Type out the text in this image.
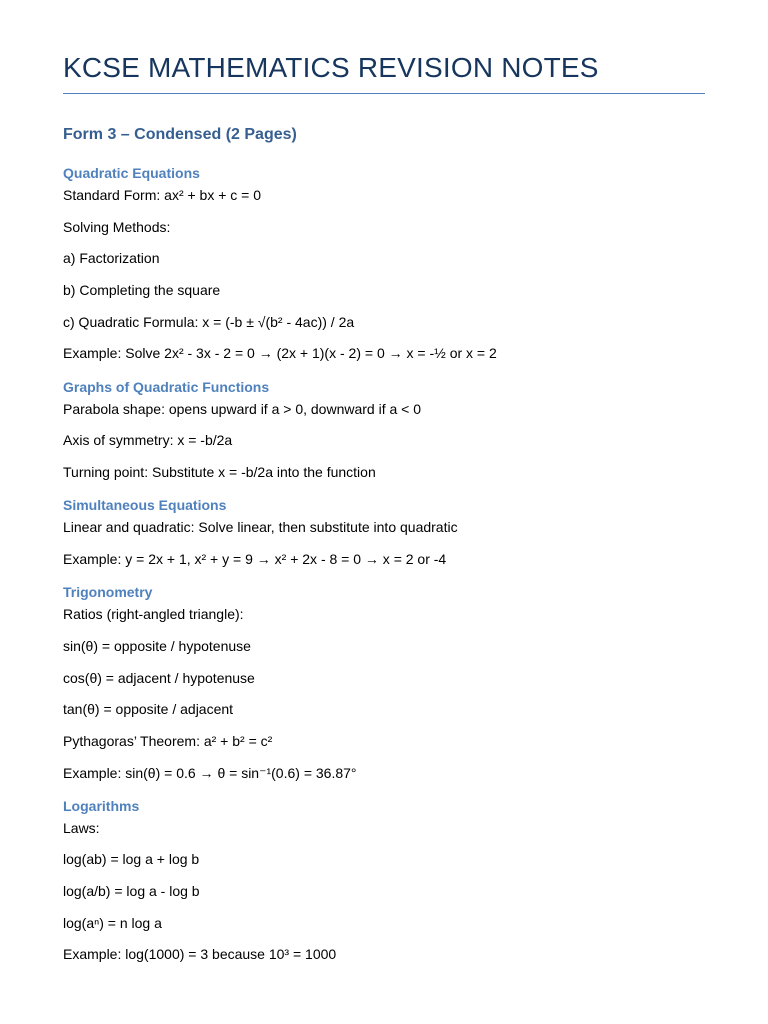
KCSE MATHEMATICS REVISION NOTES
Form 3 – Condensed (2 Pages)
Quadratic Equations
Standard Form: ax² + bx + c = 0
Solving Methods:
a) Factorization
b) Completing the square
c) Quadratic Formula: x = (-b ± √(b² - 4ac)) / 2a
Example: Solve 2x² - 3x - 2 = 0 → (2x + 1)(x - 2) = 0 → x = -½ or x = 2
Graphs of Quadratic Functions
Parabola shape: opens upward if a > 0, downward if a < 0
Axis of symmetry: x = -b/2a
Turning point: Substitute x = -b/2a into the function
Simultaneous Equations
Linear and quadratic: Solve linear, then substitute into quadratic
Example: y = 2x + 1, x² + y = 9 → x² + 2x - 8 = 0 → x = 2 or -4
Trigonometry
Ratios (right-angled triangle):
sin(θ) = opposite / hypotenuse
cos(θ) = adjacent / hypotenuse
tan(θ) = opposite / adjacent
Pythagoras’ Theorem: a² + b² = c²
Example: sin(θ) = 0.6 → θ = sin⁻¹(0.6) = 36.87°
Logarithms
Laws:
log(ab) = log a + log b
log(a/b) = log a - log b
log(aⁿ) = n log a
Example: log(1000) = 3 because 10³ = 1000
